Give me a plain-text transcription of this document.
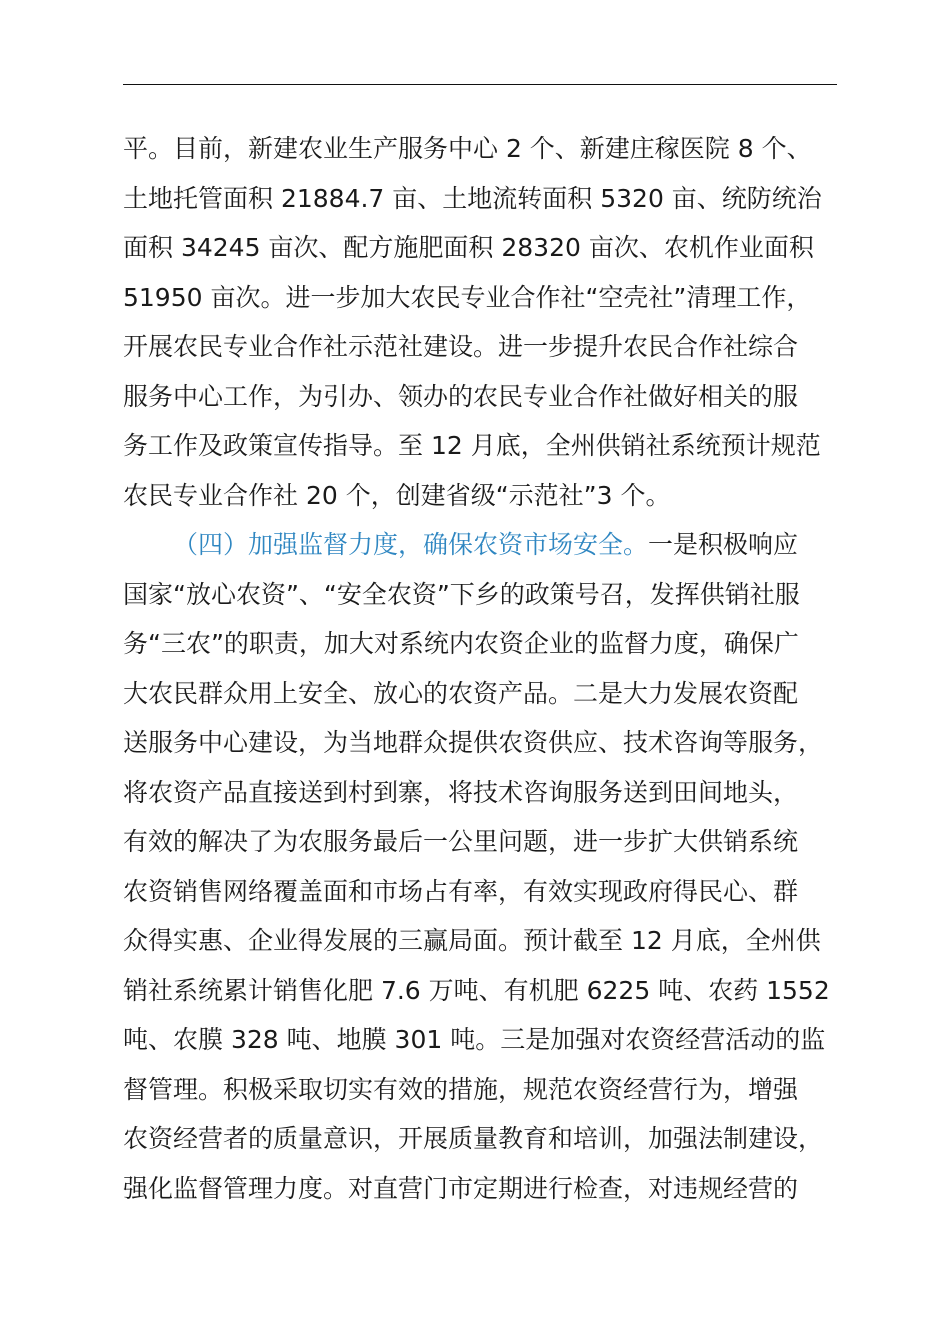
平。目前，新建农业生产服务中心 2 个、新建庄稼医院 8 个、
土地托管面积 21884.7 亩、土地流转面积 5320 亩、统防统治
面积 34245 亩次、配方施肥面积 28320 亩次、农机作业面积
51950 亩次。进一步加大农民专业合作社“空壳社”清理工作，
开展农民专业合作社示范社建设。进一步提升农民合作社综合
服务中心工作，为引办、领办的农民专业合作社做好相关的服
务工作及政策宣传指导。至 12 月底，全州供销社系统预计规范
农民专业合作社 20 个，创建省级“示范社”3 个。

（四）加强监督力度，确保农资市场安全。一是积极响应
国家“放心农资”、“安全农资”下乡的政策号召，发挥供销社服
务“三农”的职责，加大对系统内农资企业的监督力度，确保广
大农民群众用上安全、放心的农资产品。二是大力发展农资配
送服务中心建设，为当地群众提供农资供应、技术咨询等服务，
将农资产品直接送到村到寨，将技术咨询服务送到田间地头，
有效的解决了为农服务最后一公里问题，进一步扩大供销系统
农资销售网络覆盖面和市场占有率，有效实现政府得民心、群
众得实惠、企业得发展的三赢局面。预计截至 12 月底，全州供
销社系统累计销售化肥 7.6 万吨、有机肥 6225 吨、农药 1552
吨、农膜 328 吨、地膜 301 吨。三是加强对农资经营活动的监
督管理。积极采取切实有效的措施，规范农资经营行为，增强
农资经营者的质量意识，开展质量教育和培训，加强法制建设，
强化监督管理力度。对直营门市定期进行检查，对违规经营的
